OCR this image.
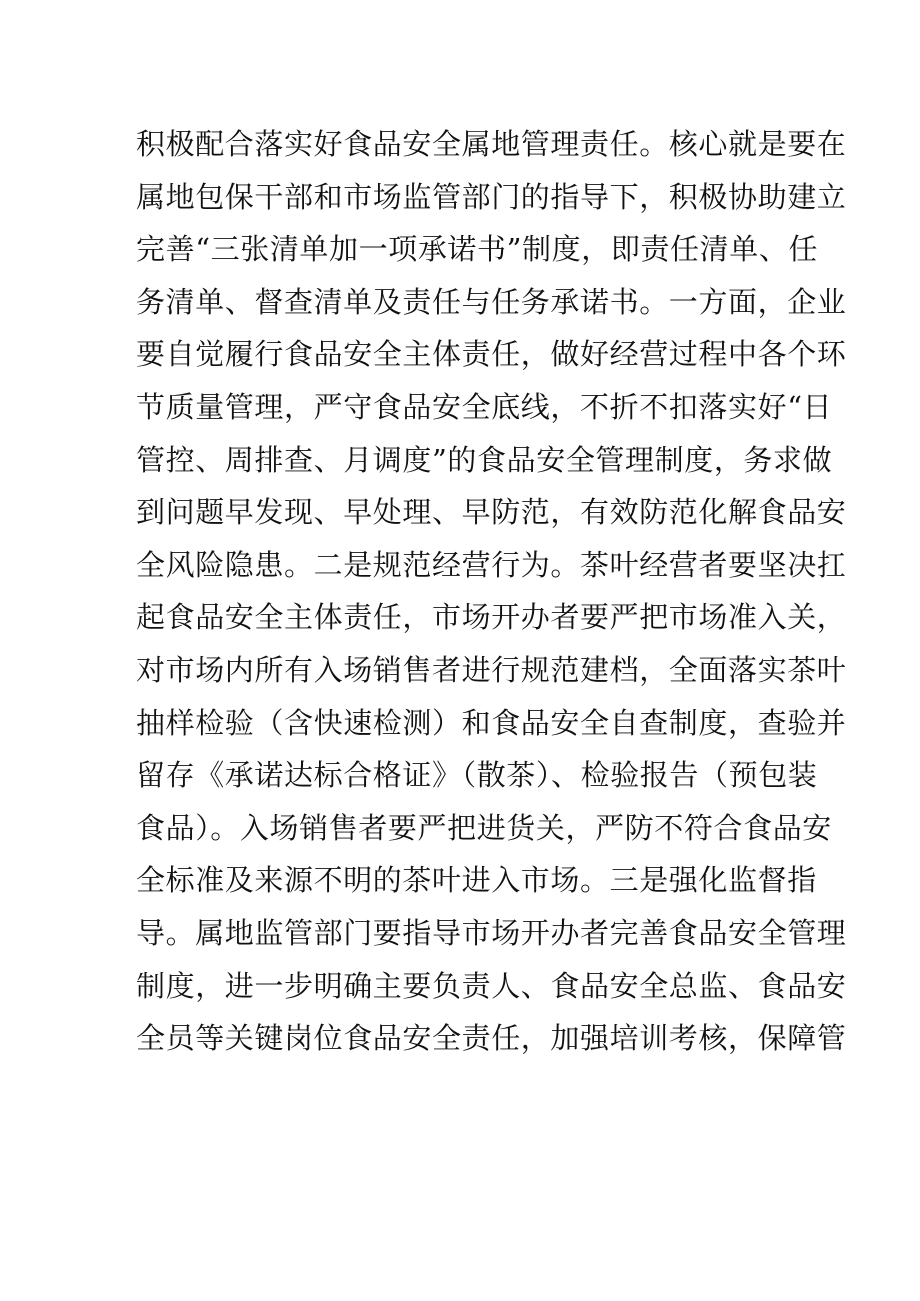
积极配合落实好食品安全属地管理责任。核心就是要在
属地包保干部和市场监管部门的指导下，积极协助建立
完善“三张清单加一项承诺书”制度，即责任清单、任
务清单、督查清单及责任与任务承诺书。一方面，企业
要自觉履行食品安全主体责任，做好经营过程中各个环
节质量管理，严守食品安全底线，不折不扣落实好“日
管控、周排查、月调度”的食品安全管理制度，务求做
到问题早发现、早处理、早防范，有效防范化解食品安
全风险隐患。二是规范经营行为。茶叶经营者要坚决扛
起食品安全主体责任，市场开办者要严把市场准入关，
对市场内所有入场销售者进行规范建档，全面落实茶叶
抽样检验（含快速检测）和食品安全自查制度，查验并
留存《承诺达标合格证》（散茶）、检验报告（预包装
食品）。入场销售者要严把进货关，严防不符合食品安
全标准及来源不明的茶叶进入市场。三是强化监督指
导。属地监管部门要指导市场开办者完善食品安全管理
制度，进一步明确主要负责人、食品安全总监、食品安
全员等关键岗位食品安全责任，加强培训考核，保障管
